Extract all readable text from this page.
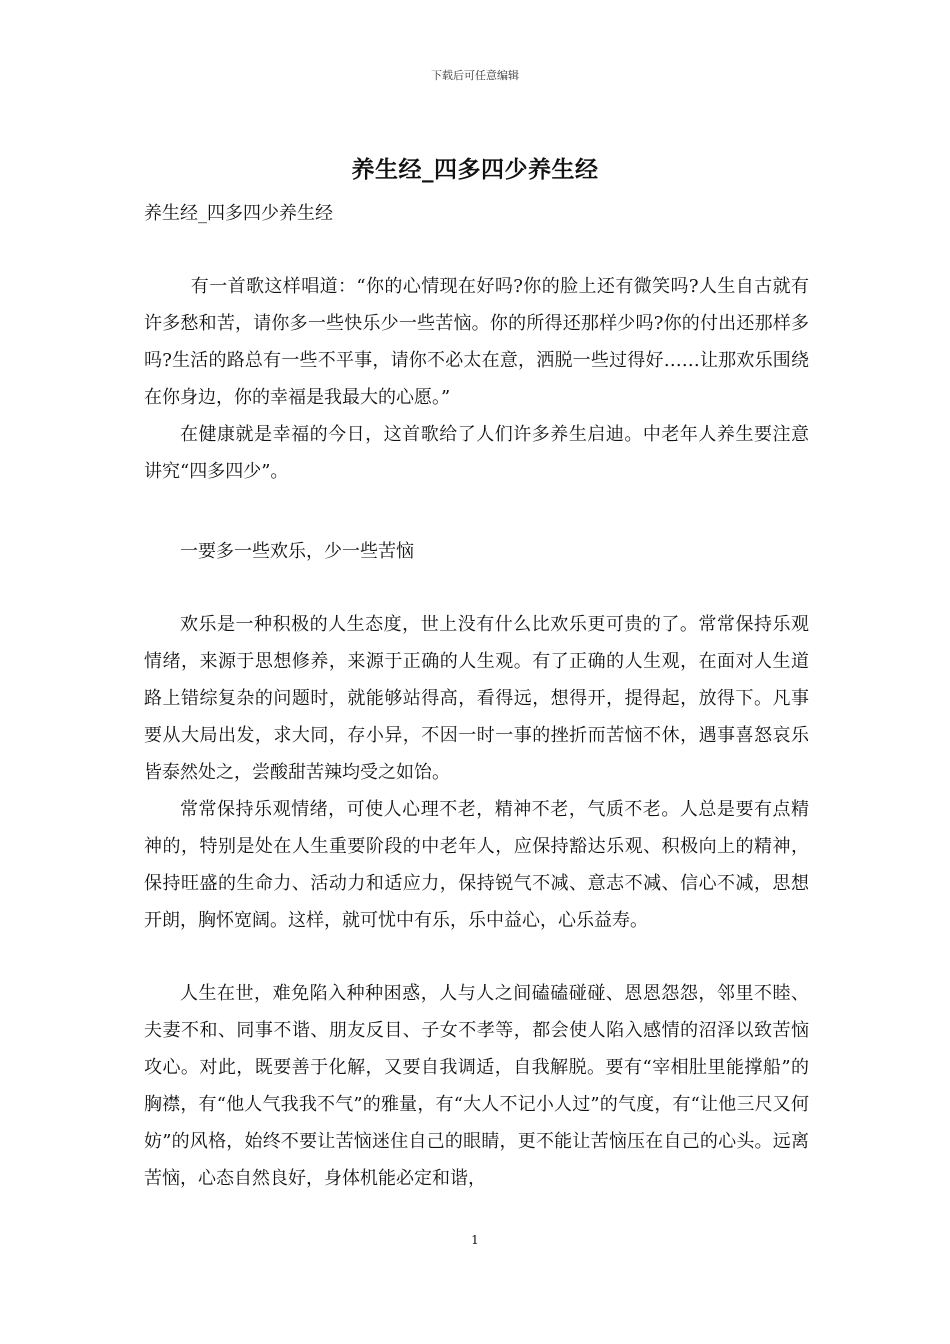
下载后可任意编辑
养生经_四多四少养生经
养生经_四多四少养生经

有一首歌这样唱道：“你的心情现在好吗?你的脸上还有微笑吗?人生自古就有许多愁和苦，请你多一些快乐少一些苦恼。你的所得还那样少吗?你的付出还那样多吗?生活的路总有一些不平事，请你不必太在意，洒脱一些过得好……让那欢乐围绕在你身边，你的幸福是我最大的心愿。”

在健康就是幸福的今日，这首歌给了人们许多养生启迪。中老年人养生要注意讲究“四多四少”。

一要多一些欢乐，少一些苦恼

欢乐是一种积极的人生态度，世上没有什么比欢乐更可贵的了。常常保持乐观情绪，来源于思想修养，来源于正确的人生观。有了正确的人生观，在面对人生道路上错综复杂的问题时，就能够站得高，看得远，想得开，提得起，放得下。凡事要从大局出发，求大同，存小异，不因一时一事的挫折而苦恼不休，遇事喜怒哀乐皆泰然处之，尝酸甜苦辣均受之如饴。

常常保持乐观情绪，可使人心理不老，精神不老，气质不老。人总是要有点精神的，特别是处在人生重要阶段的中老年人，应保持豁达乐观、积极向上的精神，保持旺盛的生命力、活动力和适应力，保持锐气不减、意志不减、信心不减，思想开朗，胸怀宽阔。这样，就可忧中有乐，乐中益心，心乐益寿。

人生在世，难免陷入种种困惑，人与人之间磕磕碰碰、恩恩怨怨，邻里不睦、夫妻不和、同事不谐、朋友反目、子女不孝等，都会使人陷入感情的沼泽以致苦恼攻心。对此，既要善于化解，又要自我调适，自我解脱。要有“宰相肚里能撑船”的胸襟，有“他人气我我不气”的雅量，有“大人不记小人过”的气度，有“让他三尺又何妨”的风格，始终不要让苦恼迷住自己的眼睛，更不能让苦恼压在自己的心头。远离苦恼，心态自然良好，身体机能必定和谐，

1
